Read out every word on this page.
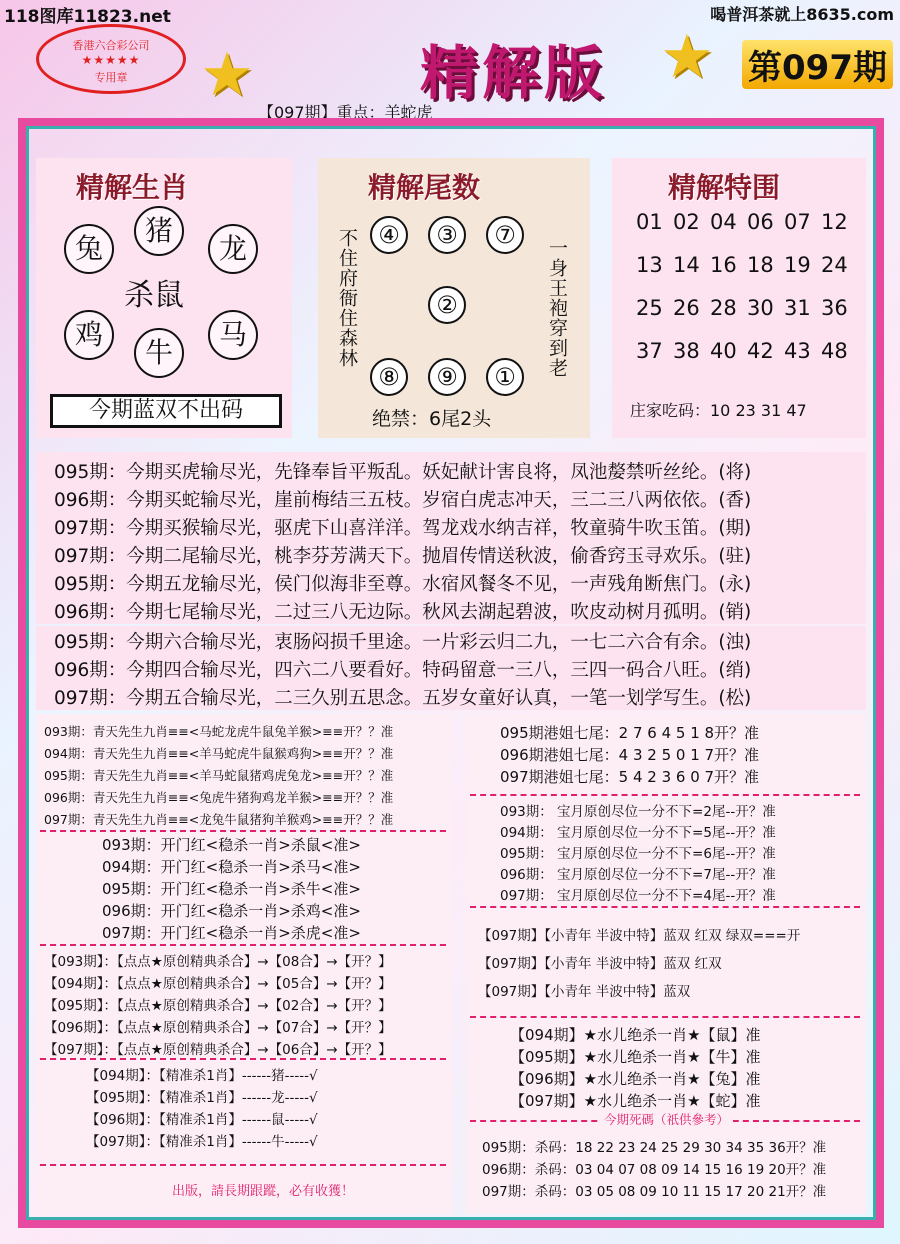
118图库11823.net	喝普洱茶就上8635.com
香港六合彩公司
★★★★★
专用章	★	精解版 ★ 第097期
【097期】重点：羊蛇虎
精解生肖
兔
猪
龙
杀鼠
鸡
牛
马
今期蓝双不出码
精解尾数
不住府衙住森林	一身王袍穿到老
④	③	⑦
②
⑧	⑨	①
绝禁：6尾2头
精解特围
01 02 04 06 07 12
13 14 16 18 19 24
25 26 28 30 31 36
37 38 40 42 43 48
庄家吃码：10 23 31 47
095期：今期买虎输尽光，先锋奉旨平叛乱。妖妃献计害良将，凤池嫠禁听丝纶。(将)
096期：今期买蛇输尽光，崖前梅结三五枝。岁宿白虎志冲天，三二三八两依依。(香)
097期：今期买猴输尽光，驱虎下山喜洋洋。驾龙戏水纳吉祥，牧童骑牛吹玉笛。(期)
097期：今期二尾输尽光，桃李芬芳满天下。抛眉传情送秋波，偷香窍玉寻欢乐。(驻)
095期：今期五龙输尽光，侯门似海非至尊。水宿风餐冬不见，一声残角断焦门。(永)
096期：今期七尾输尽光，二过三八无边际。秋风去湖起碧波，吹皮动树月孤明。(销)
095期：今期六合输尽光，衷肠闷损千里途。一片彩云归二九，一七二六合有余。(浊)
096期：今期四合输尽光，四六二八要看好。特码留意一三八，三四一码合八旺。(绡)
097期：今期五合输尽光，二三久别五思念。五岁女童好认真，一笔一划学写生。(松)
093期：青天先生九肖≡≡<马蛇龙虎牛鼠兔羊猴>≡≡开？？准
094期：青天先生九肖≡≡<羊马蛇虎牛鼠猴鸡狗>≡≡开？？准
095期：青天先生九肖≡≡<羊马蛇鼠猪鸡虎兔龙>≡≡开？？准
096期：青天先生九肖≡≡<兔虎牛猪狗鸡龙羊猴>≡≡开？？准
097期：青天先生九肖≡≡<龙兔牛鼠猪狗羊猴鸡>≡≡开？？准
093期：开门红<稳杀一肖>杀鼠<准>
094期：开门红<稳杀一肖>杀马<准>
095期：开门红<稳杀一肖>杀牛<准>
096期：开门红<稳杀一肖>杀鸡<准>
097期：开门红<稳杀一肖>杀虎<准>
【093期】：【点点★原创精典杀合】→【08合】→【开？】
【094期】：【点点★原创精典杀合】→【05合】→【开？】
【095期】：【点点★原创精典杀合】→【02合】→【开？】
【096期】：【点点★原创精典杀合】→【07合】→【开？】
【097期】：【点点★原创精典杀合】→【06合】→【开？】
【094期】：【精准杀1肖】------猪-----√
【095期】：【精准杀1肖】------龙-----√
【096期】：【精准杀1肖】------鼠-----√
【097期】：【精准杀1肖】------牛-----√
出版，請長期跟蹤，必有收獲！
095期港姐七尾：2 7 6 4 5 1 8开？准
096期港姐七尾：4 3 2 5 0 1 7开？准
097期港姐七尾：5 4 2 3 6 0 7开？准
093期： 宝月原创尽位一分不下=2尾--开？准
094期： 宝月原创尽位一分不下=5尾--开？准
095期： 宝月原创尽位一分不下=6尾--开？准
096期： 宝月原创尽位一分不下=7尾--开？准
097期： 宝月原创尽位一分不下=4尾--开？准
【097期】【小青年 半波中特】蓝双 红双 绿双===开
【097期】【小青年 半波中特】蓝双 红双
【097期】【小青年 半波中特】蓝双
【094期】★水儿绝杀一肖★【鼠】准
【095期】★水儿绝杀一肖★【牛】准
【096期】★水儿绝杀一肖★【兔】准
【097期】★水儿绝杀一肖★【蛇】准
今期死碼（祇供參考）
095期：杀码：18 22 23 24 25 29 30 34 35 36开？准
096期：杀码：03 04 07 08 09 14 15 16 19 20开？准
097期：杀码：03 05 08 09 10 11 15 17 20 21开？准
